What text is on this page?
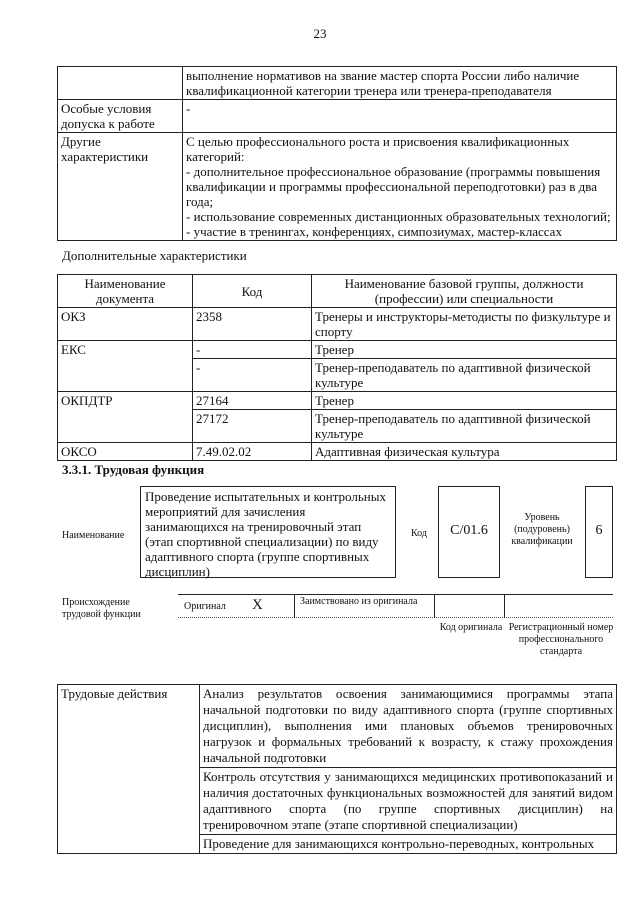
23
	выполнение нормативов на звание мастер спорта России либо наличие квалификационной категории тренера или тренера-преподавателя
Особые условия допуска к работе	-
Другие характеристики	С целью профессионального роста и присвоения квалификационных категорий:
- дополнительное профессиональное образование (программы повышения квалификации и программы профессиональной переподготовки) раз в два года;
- использование современных дистанционных образовательных технологий;
- участие в тренингах, конференциях, симпозиумах, мастер-классах
Дополнительные характеристики
Наименование документа	Код	Наименование базовой группы, должности (профессии) или специальности
ОКЗ	2358	Тренеры и инструкторы-методисты по физкультуре и спорту
ЕКС	-	Тренер
	-	Тренер-преподаватель по адаптивной физической культуре
ОКПДТР	27164	Тренер
	27172	Тренер-преподаватель по адаптивной физической культуре
ОКСО	7.49.02.02	Адаптивная физическая культура
3.3.1. Трудовая функция
Наименование
Проведение испытательных и контрольных мероприятий для зачисления занимающихся на тренировочный этап (этап спортивной специализации) по виду адаптивного спорта (группе спортивных дисциплин)
Код	C/01.6
Уровень (подуровень) квалификации
6
Происхождение трудовой функции
Оригинал X	Заимствовано из оригинала
Код оригинала Регистрационный номер профессионального стандарта
Трудовые действия	Анализ результатов освоения занимающимися программы этапа начальной подготовки по виду адаптивного спорта (группе спортивных дисциплин), выполнения ими плановых объемов тренировочных нагрузок и формальных требований к возрасту, к стажу прохождения начальной подготовки
Контроль отсутствия у занимающихся медицинских противопоказаний и наличия достаточных функциональных возможностей для занятий видом адаптивного спорта (по группе спортивных дисциплин) на тренировочном этапе (этапе спортивной специализации)
Проведение для занимающихся контрольно-переводных, контрольных
